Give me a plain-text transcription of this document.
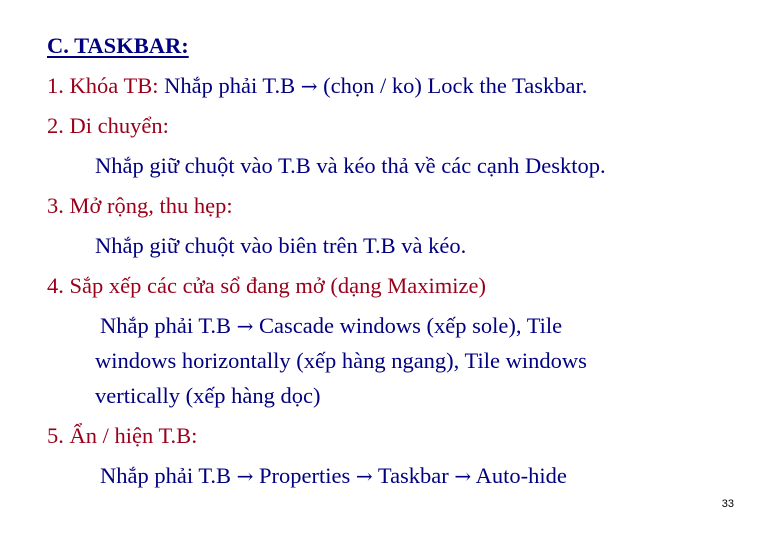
C. TASKBAR:
1. Khóa TB: Nhắp phải T.B → (chọn / ko) Lock the Taskbar.
2. Di chuyển:
Nhắp giữ chuột vào T.B và kéo thả về các cạnh Desktop.
3. Mở rộng, thu hẹp:
Nhắp giữ chuột vào biên trên T.B và kéo.
4. Sắp xếp các cửa sổ đang mở (dạng Maximize)
Nhắp phải T.B → Cascade windows (xếp sole), Tile
windows horizontally (xếp hàng ngang), Tile windows
vertically (xếp hàng dọc)
5. Ẩn / hiện T.B:
Nhắp phải T.B → Properties → Taskbar → Auto-hide
33
